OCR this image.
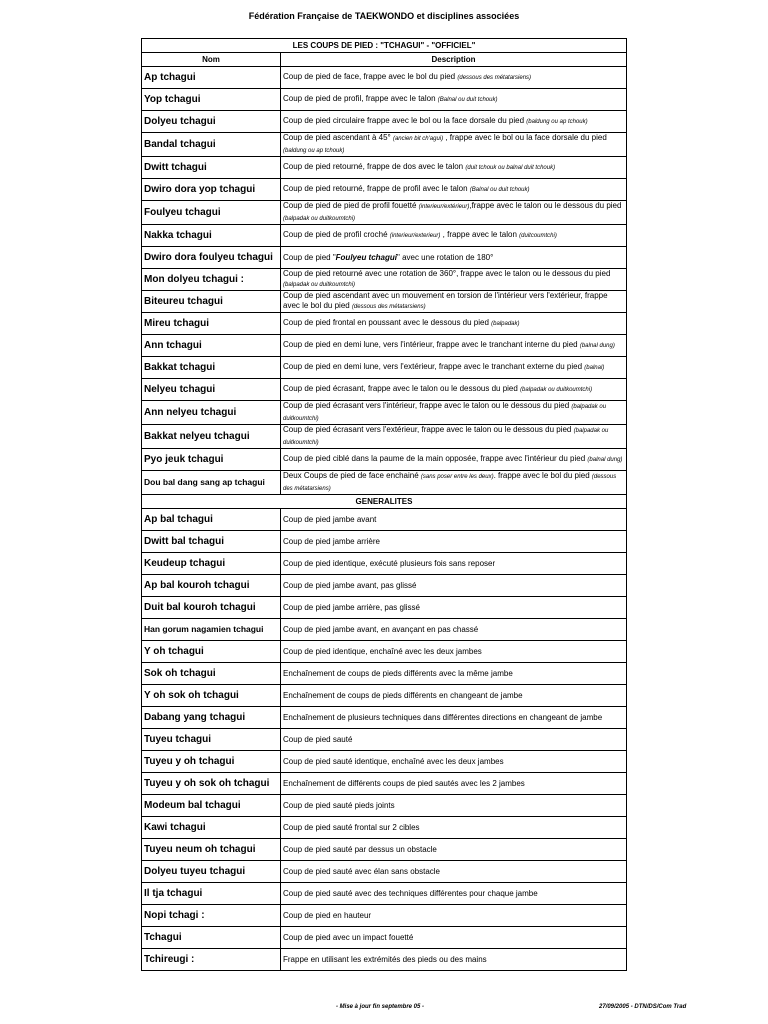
Fédération Française de TAEKWONDO et disciplines associées
LES COUPS DE PIED : "TCHAGUI" - "OFFICIEL"	
Nom	Description
Ap tchagui	Coup de pied de face, frappe avec le bol du pied (dessous des métatarsiens)
Yop tchagui	Coup de pied de profil, frappe avec le talon (Balnal ou duit tchouk)
Dolyeu tchagui	Coup de pied circulaire frappe avec le bol ou la face dorsale du pied (baldung ou ap tchouk)
Bandal tchagui	Coup de pied ascendant à 45° (ancien bit ch'agui) , frappe avec le bol ou la face dorsale du pied (baldung ou ap tchouk)
Dwitt tchagui	Coup de pied retourné, frappe de dos avec le talon (duit tchouk ou balnal duit tchouk)
Dwiro dora yop tchagui	Coup de pied retourné, frappe de profil avec le talon (Balnal ou duit tchouk)
Foulyeu tchagui	Coup de pied de pied de profil fouetté (interieur/extérieur),frappe avec le talon ou le dessous du pied (balpadak ou duitkoumtchi)
Nakka tchagui	Coup de pied de profil croché (interieur/exterieur) , frappe avec le talon (duitcoumtchi)
Dwiro dora foulyeu tchagui	Coup de pied "Foulyeu tchagui" avec une rotation de 180°
Mon dolyeu tchagui :	Coup de pied retourné avec une rotation de 360°, frappe avec le talon ou le dessous du pied (balpadak ou duitkoumtchi)
Biteureu tchagui	Coup de pied ascendant avec un mouvement en torsion de l'intérieur vers l'extérieur, frappe avec le bol du pied (dessous des métatarsiens)
Mireu tchagui	Coup de pied frontal en poussant avec le dessous du pied (balpadak)
Ann tchagui	Coup de pied en demi lune, vers l'intérieur, frappe avec le tranchant interne du pied (balnal dung)
Bakkat tchagui	Coup de pied en demi lune, vers l'extérieur, frappe avec le tranchant externe du pied (balnal)
Nelyeu tchagui	Coup de pied écrasant, frappe avec le talon ou le dessous du pied (balpadak ou duitkoumtchi)
Ann nelyeu tchagui	Coup de pied écrasant vers l'intérieur, frappe avec le talon ou le dessous du pied (balpadak ou duitkoumtchi)
Bakkat nelyeu tchagui	Coup de pied écrasant vers l'extérieur, frappe avec le talon ou le dessous du pied (balpadak ou duitkoumtchi)
Pyo jeuk tchagui	Coup de pied ciblé dans la paume de la main opposée, frappe avec l'intérieur du pied (balnal dung)
Dou bal dang sang ap tchagui	Deux Coups de pied de face enchainé (sans poser entre les deux). frappe avec le bol du pied (dessous des métatarsiens)
GENERALITES	
Ap bal tchagui	Coup de pied jambe avant
Dwitt bal tchagui	Coup de pied jambe arrière
Keudeup tchagui	Coup de pied identique, exécuté plusieurs fois sans reposer
Ap bal kouroh tchagui	Coup de pied jambe avant, pas glissé
Duit bal kouroh tchagui	Coup de pied jambe arrière, pas glissé
Han gorum nagamien tchagui	Coup de pied jambe avant, en avançant en pas chassé
Y oh tchagui	Coup de pied identique, enchaîné avec les deux jambes
Sok oh tchagui	Enchaînement de coups de pieds différents avec la même jambe
Y oh sok oh tchagui	Enchaînement de coups de pieds différents en changeant de jambe
Dabang yang tchagui	Enchaînement de plusieurs techniques dans différentes directions en changeant de jambe
Tuyeu tchagui	Coup de pied sauté
Tuyeu y oh tchagui	Coup de pied sauté identique, enchaîné avec les deux jambes
Tuyeu y oh sok oh tchagui	Enchaînement de différents coups de pied sautés avec les 2 jambes
Modeum bal tchagui	Coup de pied sauté pieds joints
Kawi tchagui	Coup de pied sauté frontal sur 2 cibles
Tuyeu neum oh tchagui	Coup de pied sauté par dessus un obstacle
Dolyeu tuyeu tchagui	Coup de pied sauté avec élan sans obstacle
Il tja tchagui	Coup de pied sauté avec des techniques différentes pour chaque jambe
Nopi tchagi :	Coup de pied en hauteur
Tchagui	Coup de pied avec un impact fouetté
Tchireugi :	Frappe en utilisant les extrémités des pieds ou des mains
- Mise à jour fin septembre 05 -	27/09/2005 - DTN/DS/Com Trad
